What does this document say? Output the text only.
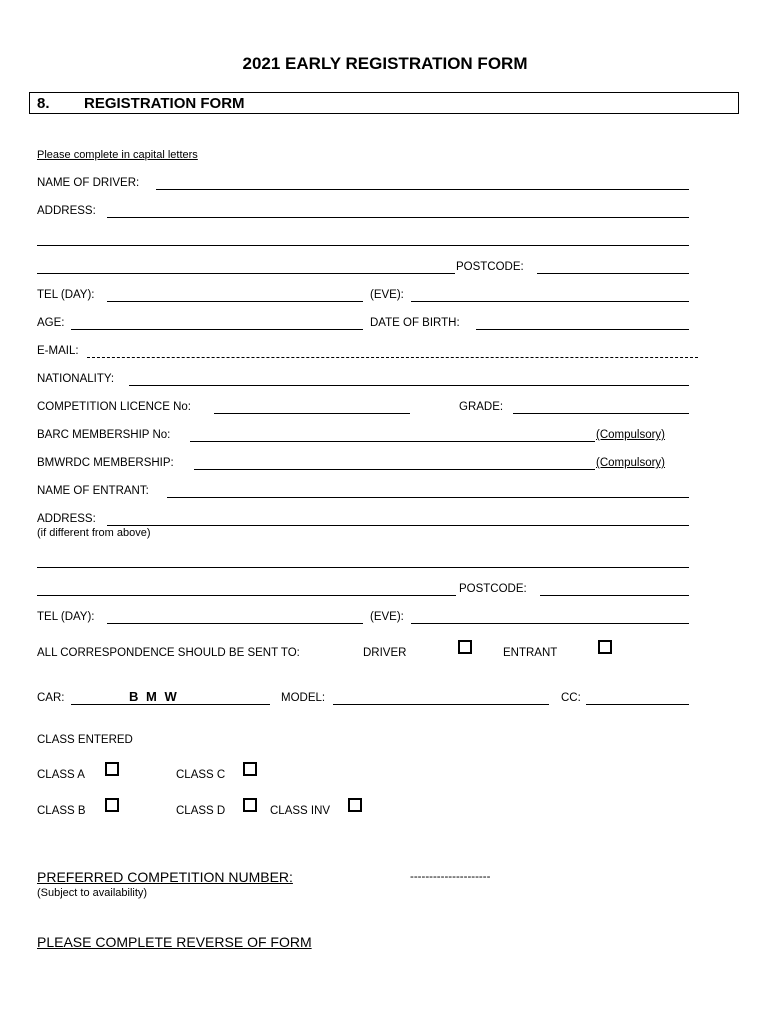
2021 EARLY REGISTRATION FORM
8. REGISTRATION FORM
Please complete in capital letters
NAME OF DRIVER:
ADDRESS:
POSTCODE:
TEL (DAY):	(EVE):
AGE:	DATE OF BIRTH:
E-MAIL:
NATIONALITY:
COMPETITION LICENCE No:	GRADE:
BARC MEMBERSHIP No:	(Compulsory)
BMWRDC MEMBERSHIP:	(Compulsory)
NAME OF ENTRANT:
ADDRESS:
(if different from above)
POSTCODE:
TEL (DAY):	(EVE):
ALL CORRESPONDENCE SHOULD BE SENT TO:	DRIVER	ENTRANT
CAR:	B M W	MODEL:	CC:
CLASS ENTERED
CLASS A	CLASS C
CLASS B	CLASS D	CLASS INV
PREFERRED COMPETITION NUMBER:
(Subject to availability)
---------------------
PLEASE COMPLETE REVERSE OF FORM
